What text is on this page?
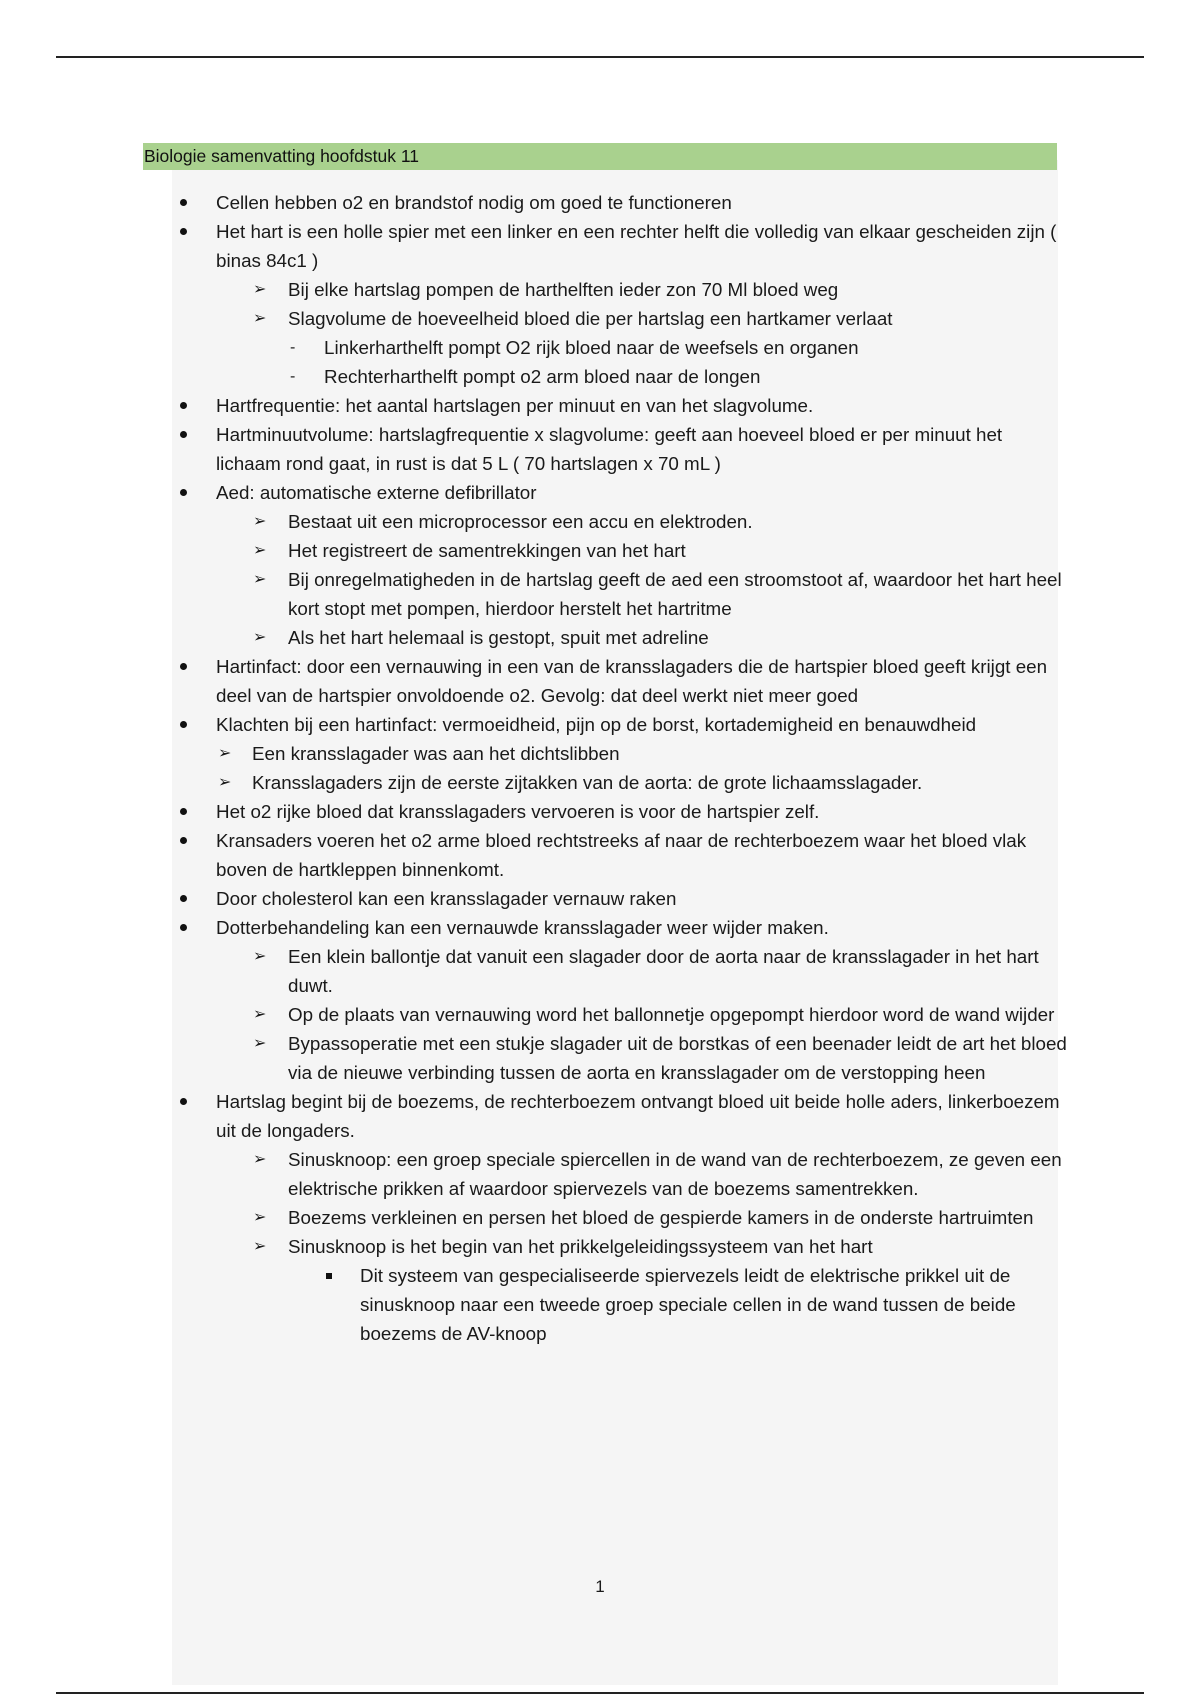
Biologie samenvatting hoofdstuk 11
Cellen hebben o2 en brandstof nodig om goed te functioneren
Het hart is een holle spier met een linker en een rechter helft die volledig van elkaar gescheiden zijn ( binas 84c1 )
➢ Bij elke hartslag pompen de harthelften ieder zon 70 Ml bloed weg
➢ Slagvolume de hoeveelheid bloed die per hartslag een hartkamer verlaat
- Linkerharthelft pompt O2 rijk bloed naar de weefsels en organen
- Rechterharthelft pompt o2 arm bloed naar de longen
Hartfrequentie: het aantal hartslagen per minuut en van het slagvolume.
Hartminuutvolume: hartslagfrequentie x slagvolume: geeft aan hoeveel bloed er per minuut het lichaam rond gaat, in rust is dat 5 L ( 70 hartslagen x 70 mL )
Aed: automatische externe defibrillator
➢ Bestaat uit een microprocessor een accu en elektroden.
➢ Het registreert de samentrekkingen van het hart
➢ Bij onregelmatigheden in de hartslag geeft de aed een stroomstoot af, waardoor het hart heel kort stopt met pompen, hierdoor herstelt het hartritme
➢ Als het hart helemaal is gestopt, spuit met adreline
Hartinfact: door een vernauwing in een van de kransslagaders die de hartspier bloed geeft krijgt een deel van de hartspier onvoldoende o2. Gevolg: dat deel werkt niet meer goed
Klachten bij een hartinfact: vermoeidheid, pijn op de borst, kortademigheid en benauwdheid
➢ Een kransslagader was aan het dichtslibben
➢ Kransslagaders zijn de eerste zijtakken van de aorta: de grote lichaamsslagader.
Het o2 rijke bloed dat kransslagaders vervoeren is voor de hartspier zelf.
Kransaders voeren het o2 arme bloed rechtstreeks af naar de rechterboezem waar het bloed vlak boven de hartkleppen binnenkomt.
Door cholesterol kan een kransslagader vernauw raken
Dotterbehandeling kan een vernauwde kransslagader weer wijder maken.
➢ Een klein ballontje dat vanuit een slagader door de aorta naar de kransslagader in het hart duwt.
➢ Op de plaats van vernauwing word het ballonnetje opgepompt hierdoor word de wand wijder
➢ Bypassoperatie met een stukje slagader uit de borstkas of een beenader leidt de art het bloed via de nieuwe verbinding tussen de aorta en kransslagader om de verstopping heen
Hartslag begint bij de boezems, de rechterboezem ontvangt bloed uit beide holle aders, linkerboezem uit de longaders.
➢ Sinusknoop: een groep speciale spiercellen in de wand van de rechterboezem, ze geven een elektrische prikken af waardoor spiervezels van de boezems samentrekken.
➢ Boezems verkleinen en persen het bloed de gespierde kamers in de onderste hartruimten
➢ Sinusknoop is het begin van het prikkelgeleidingssysteem van het hart
Dit systeem van gespecialiseerde spiervezels leidt de elektrische prikkel uit de sinusknoop naar een tweede groep speciale cellen in de wand tussen de beide boezems de AV-knoop
1
